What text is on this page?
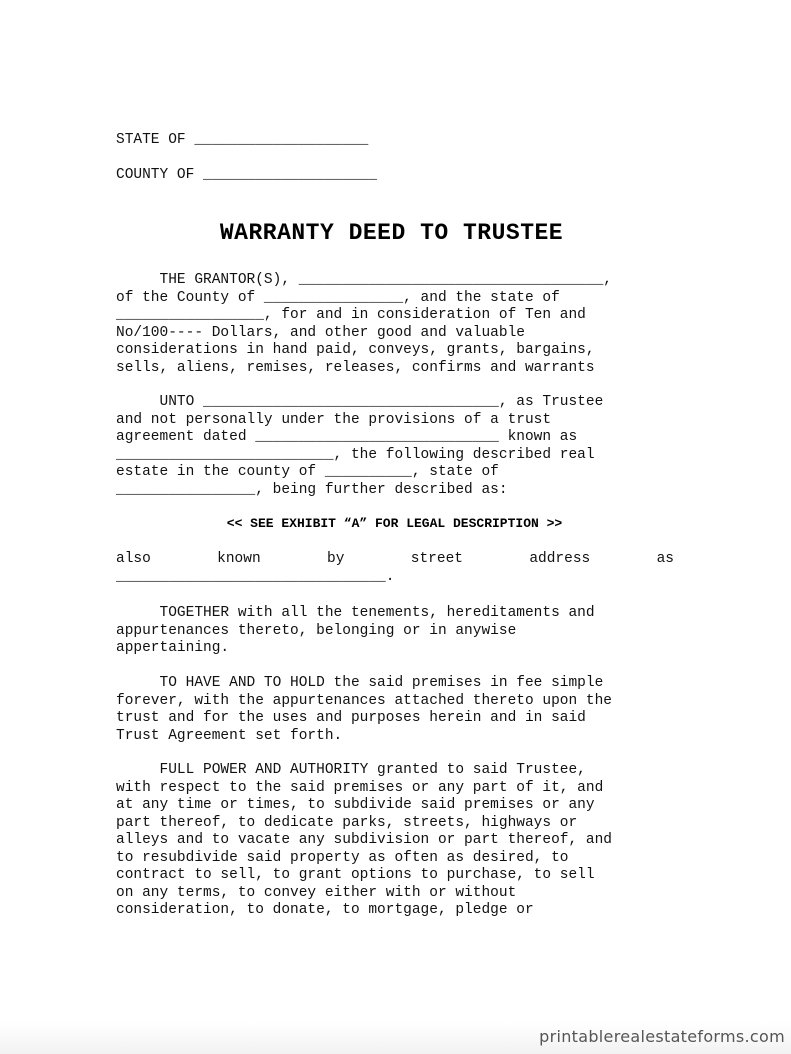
STATE OF ____________________
COUNTY OF ____________________
WARRANTY DEED TO TRUSTEE
THE GRANTOR(S), ___________________________________,
of the County of ________________, and the state of
_________________, for and in consideration of Ten and
No/100---- Dollars, and other good and valuable
considerations in hand paid, conveys, grants, bargains,
sells, aliens, remises, releases, confirms and warrants
UNTO __________________________________, as Trustee
and not personally under the provisions of a trust
agreement dated ____________________________ known as
_________________________, the following described real
estate in the county of __________, state of
________________, being further described as:
<< SEE EXHIBIT “A” FOR LEGAL DESCRIPTION >>
also	known	by	street	address	as
_______________________________.
TOGETHER with all the tenements, hereditaments and
appurtenances thereto, belonging or in anywise
appertaining.
TO HAVE AND TO HOLD the said premises in fee simple
forever, with the appurtenances attached thereto upon the
trust and for the uses and purposes herein and in said
Trust Agreement set forth.
FULL POWER AND AUTHORITY granted to said Trustee,
with respect to the said premises or any part of it, and
at any time or times, to subdivide said premises or any
part thereof, to dedicate parks, streets, highways or
alleys and to vacate any subdivision or part thereof, and
to resubdivide said property as often as desired, to
contract to sell, to grant options to purchase, to sell
on any terms, to convey either with or without
consideration, to donate, to mortgage, pledge or
printablerealestateforms.com
